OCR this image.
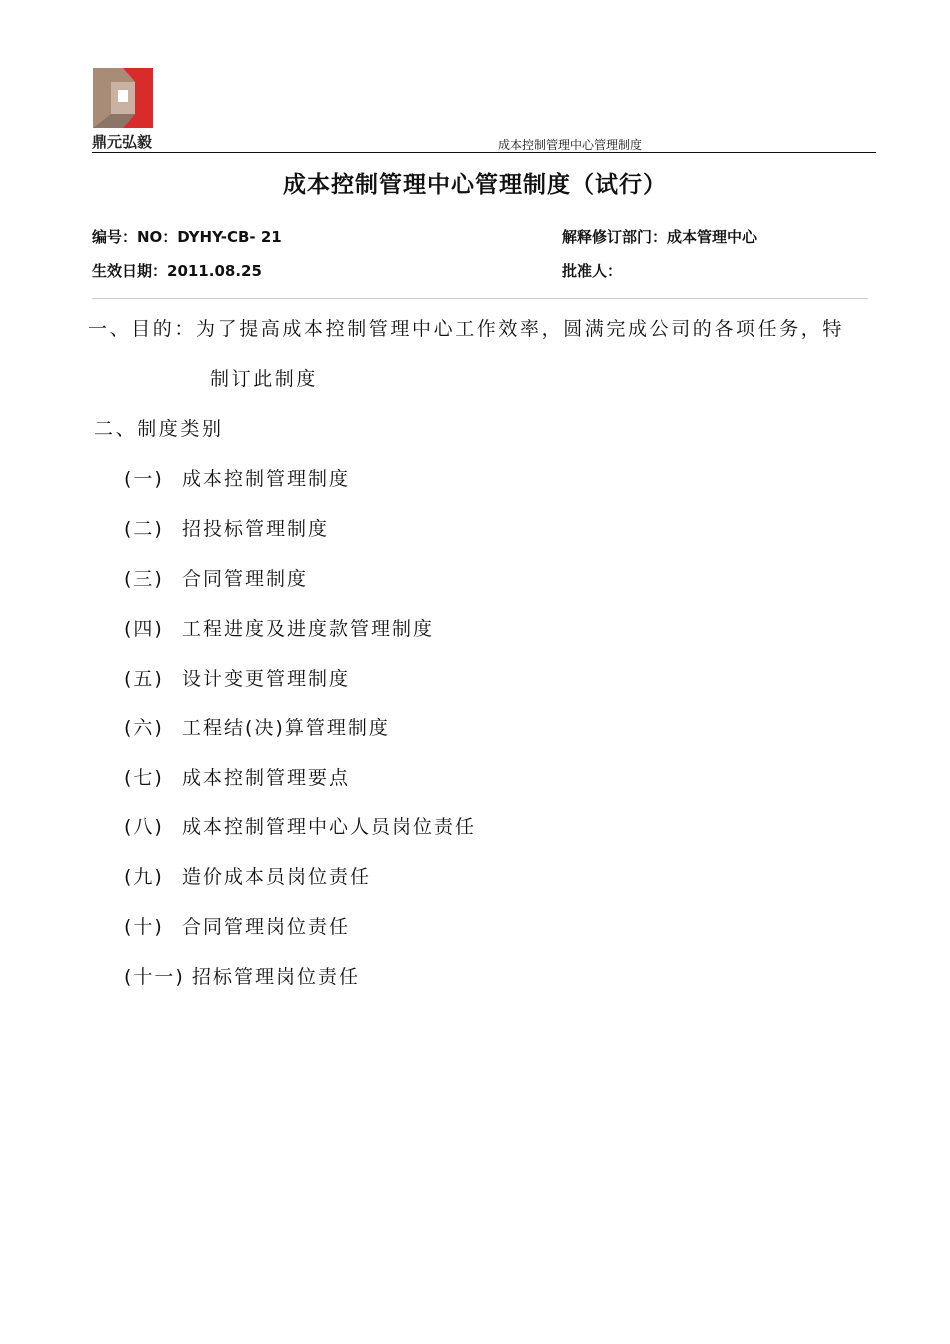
鼎元弘毅	成本控制管理中心管理制度
成本控制管理中心管理制度（试行）
编号：NO：DYHY-CB- 21	解释修订部门：成本管理中心
生效日期：2011.08.25	批准人：
一、目的：为了提高成本控制管理中心工作效率，圆满完成公司的各项任务，特
制订此制度
二、制度类别
(一) 成本控制管理制度
(二) 招投标管理制度
(三) 合同管理制度
(四) 工程进度及进度款管理制度
(五) 设计变更管理制度
(六) 工程结(决)算管理制度
(七) 成本控制管理要点
(八) 成本控制管理中心人员岗位责任
(九) 造价成本员岗位责任
(十) 合同管理岗位责任
(十一) 招标管理岗位责任
